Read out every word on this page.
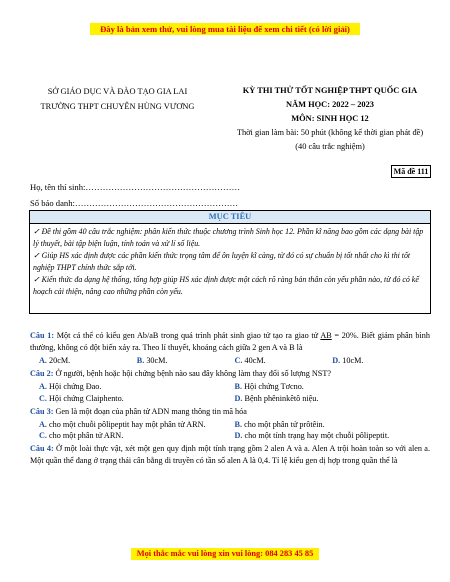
Đây là bản xem thử, vui lòng mua tài liệu để xem chi tiết (có lời giải)
SỞ GIÁO DỤC VÀ ĐÀO TẠO GIA LAI
TRƯỜNG THPT CHUYÊN HÙNG VƯƠNG
KỲ THI THỬ TỐT NGHIỆP THPT QUỐC GIA
NĂM HỌC: 2022 – 2023
MÔN: SINH HỌC 12
Thời gian làm bài: 50 phút (không kể thời gian phát đề)
(40 câu trắc nghiệm)
Mã đề 111
Họ, tên thí sinh:………………………………………………
Số báo danh:…………………………………………………
MỤC TIÊU

✓ Đề thi gồm 40 câu trắc nghiệm: phân kiến thức thuộc chương trình Sinh học 12. Phần kĩ năng bao gồm các dạng bài tập lý thuyết, bài tập biện luận, tính toán và xử lí số liệu.

✓ Giúp HS xác định được các phần kiến thức trọng tâm để ôn luyện kĩ càng, từ đó có sự chuẩn bị tốt nhất cho kì thi tốt nghiệp THPT chính thức sắp tới.

✓ Kiến thức đa dạng hệ thống, tổng hợp giúp HS xác định được một cách rõ ràng bản thân còn yếu phần nào, từ đó có kế hoạch cải thiện, nâng cao những phần còn yếu.

Câu 1: Một cá thể có kiểu gen Ab/aB trong quá trình phát sinh giao tử tạo ra giao tử AB = 20%. Biết giảm phân bình thường, không có đột biến xảy ra. Theo lí thuyết, khoảng cách giữa 2 gen A và B là
A. 20cM.	B. 30cM.	C. 40cM.	D. 10cM.
Câu 2: Ở người, bệnh hoặc hội chứng bệnh nào sau đây không làm thay đổi số lượng NST?
A. Hội chứng Đao.	B. Hội chứng Tơcno.
C. Hội chứng Claiphento.	D. Bệnh phêninkêtô niệu.
Câu 3: Gen là một đoạn của phân tử ADN mang thông tin mã hóa
A. cho một chuỗi pôlipeptit hay một phân tử ARN.	B. cho một phân tử prôtêin.
C. cho một phân tử ARN.	D. cho một tính trạng hay một chuỗi pôlipeptit.
Câu 4: Ở một loài thực vật, xét một gen quy định một tính trạng gồm 2 alen A và a. Alen A trội hoàn toàn so với alen a. Một quần thể đang ở trạng thái cân bằng di truyền có tần số alen A là 0,4. Tỉ lệ kiểu gen dị hợp trong quần thể là
Mọi thắc mắc vui lòng xin vui lòng: 084 283 45 85
